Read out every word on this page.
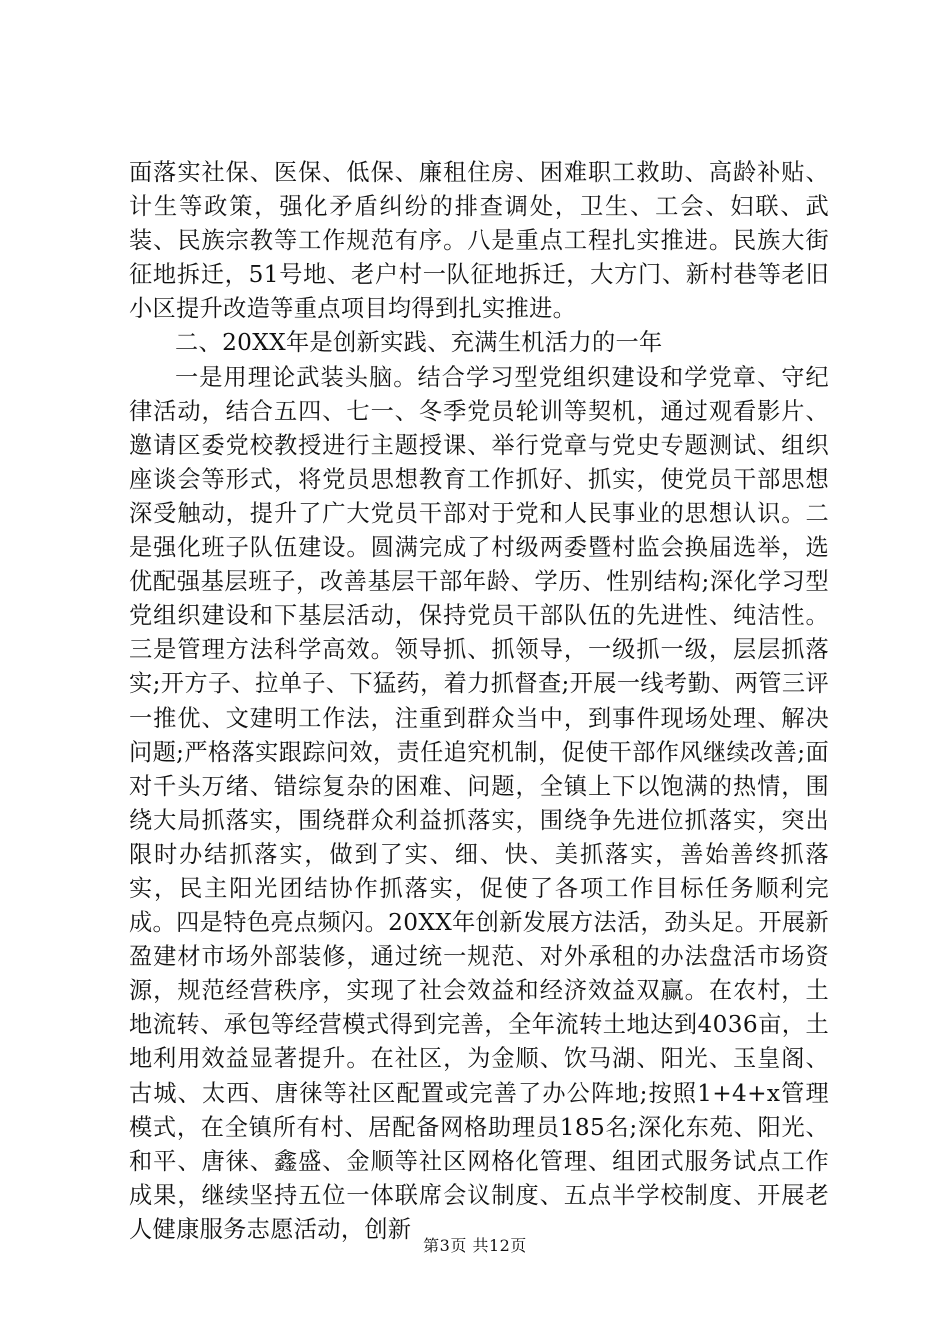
面落实社保、医保、低保、廉租住房、困难职工救助、高龄补贴、计生等政策，强化矛盾纠纷的排查调处，卫生、工会、妇联、武装、民族宗教等工作规范有序。八是重点工程扎实推进。民族大街征地拆迁，51号地、老户村一队征地拆迁，大方门、新村巷等老旧小区提升改造等重点项目均得到扎实推进。

二、20XX年是创新实践、充满生机活力的一年

一是用理论武装头脑。结合学习型党组织建设和学党章、守纪律活动，结合五四、七一、冬季党员轮训等契机，通过观看影片、邀请区委党校教授进行主题授课、举行党章与党史专题测试、组织座谈会等形式，将党员思想教育工作抓好、抓实，使党员干部思想深受触动，提升了广大党员干部对于党和人民事业的思想认识。二是强化班子队伍建设。圆满完成了村级两委暨村监会换届选举，选优配强基层班子，改善基层干部年龄、学历、性别结构;深化学习型党组织建设和下基层活动，保持党员干部队伍的先进性、纯洁性。三是管理方法科学高效。领导抓、抓领导，一级抓一级，层层抓落实;开方子、拉单子、下猛药，着力抓督查;开展一线考勤、两管三评一推优、文建明工作法，注重到群众当中，到事件现场处理、解决问题;严格落实跟踪问效，责任追究机制，促使干部作风继续改善;面对千头万绪、错综复杂的困难、问题，全镇上下以饱满的热情，围绕大局抓落实，围绕群众利益抓落实，围绕争先进位抓落实，突出限时办结抓落实，做到了实、细、快、美抓落实，善始善终抓落实，民主阳光团结协作抓落实，促使了各项工作目标任务顺利完成。四是特色亮点频闪。20XX年创新发展方法活，劲头足。开展新盈建材市场外部装修，通过统一规范、对外承租的办法盘活市场资源，规范经营秩序，实现了社会效益和经济效益双赢。在农村，土地流转、承包等经营模式得到完善，全年流转土地达到4036亩，土地利用效益显著提升。在社区，为金顺、饮马湖、阳光、玉皇阁、古城、太西、唐徕等社区配置或完善了办公阵地;按照1+4+x管理模式，在全镇所有村、居配备网格助理员185名;深化东苑、阳光、和平、唐徕、鑫盛、金顺等社区网格化管理、组团式服务试点工作成果，继续坚持五位一体联席会议制度、五点半学校制度、开展老人健康服务志愿活动，创新

第3页 共12页
